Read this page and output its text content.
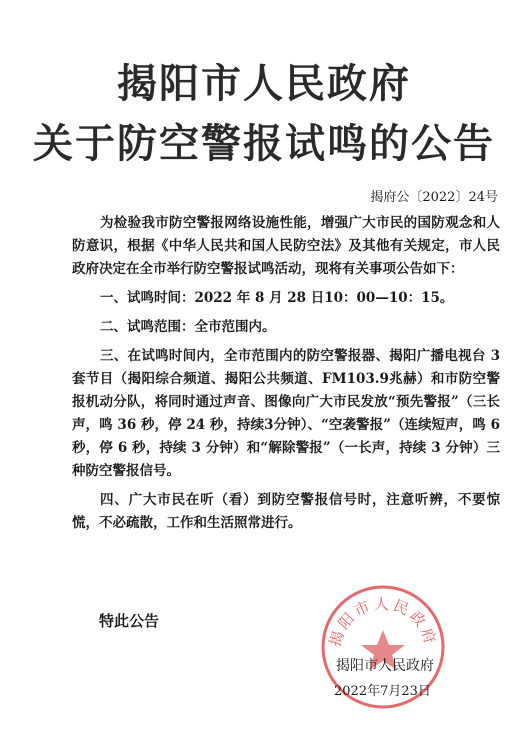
揭阳市人民政府
关于防空警报试鸣的公告
揭府公〔2022〕24号

为检验我市防空警报网络设施性能，增强广大市民的国防观念和人防意识，根据《中华人民共和国人民防空法》及其他有关规定，市人民政府决定在全市举行防空警报试鸣活动，现将有关事项公告如下：

一、试鸣时间：2022 年 8 月 28 日10：00—10：15。

二、试鸣范围：全市范围内。

三、在试鸣时间内，全市范围内的防空警报器、揭阳广播电视台 3 套节目（揭阳综合频道、揭阳公共频道、FM103.9兆赫）和市防空警报机动分队，将同时通过声音、图像向广大市民发放“预先警报”（三长声，鸣 36 秒，停 24 秒，持续3分钟）、“空袭警报”（连续短声，鸣 6 秒，停 6 秒，持续 3 分钟）和“解除警报”（一长声，持续 3 分钟）三种防空警报信号。

四、广大市民在听（看）到防空警报信号时，注意听辨，不要惊慌，不必疏散，工作和生活照常进行。

特此公告
揭阳市人民政府
揭阳市人民政府
2022年7月23日
